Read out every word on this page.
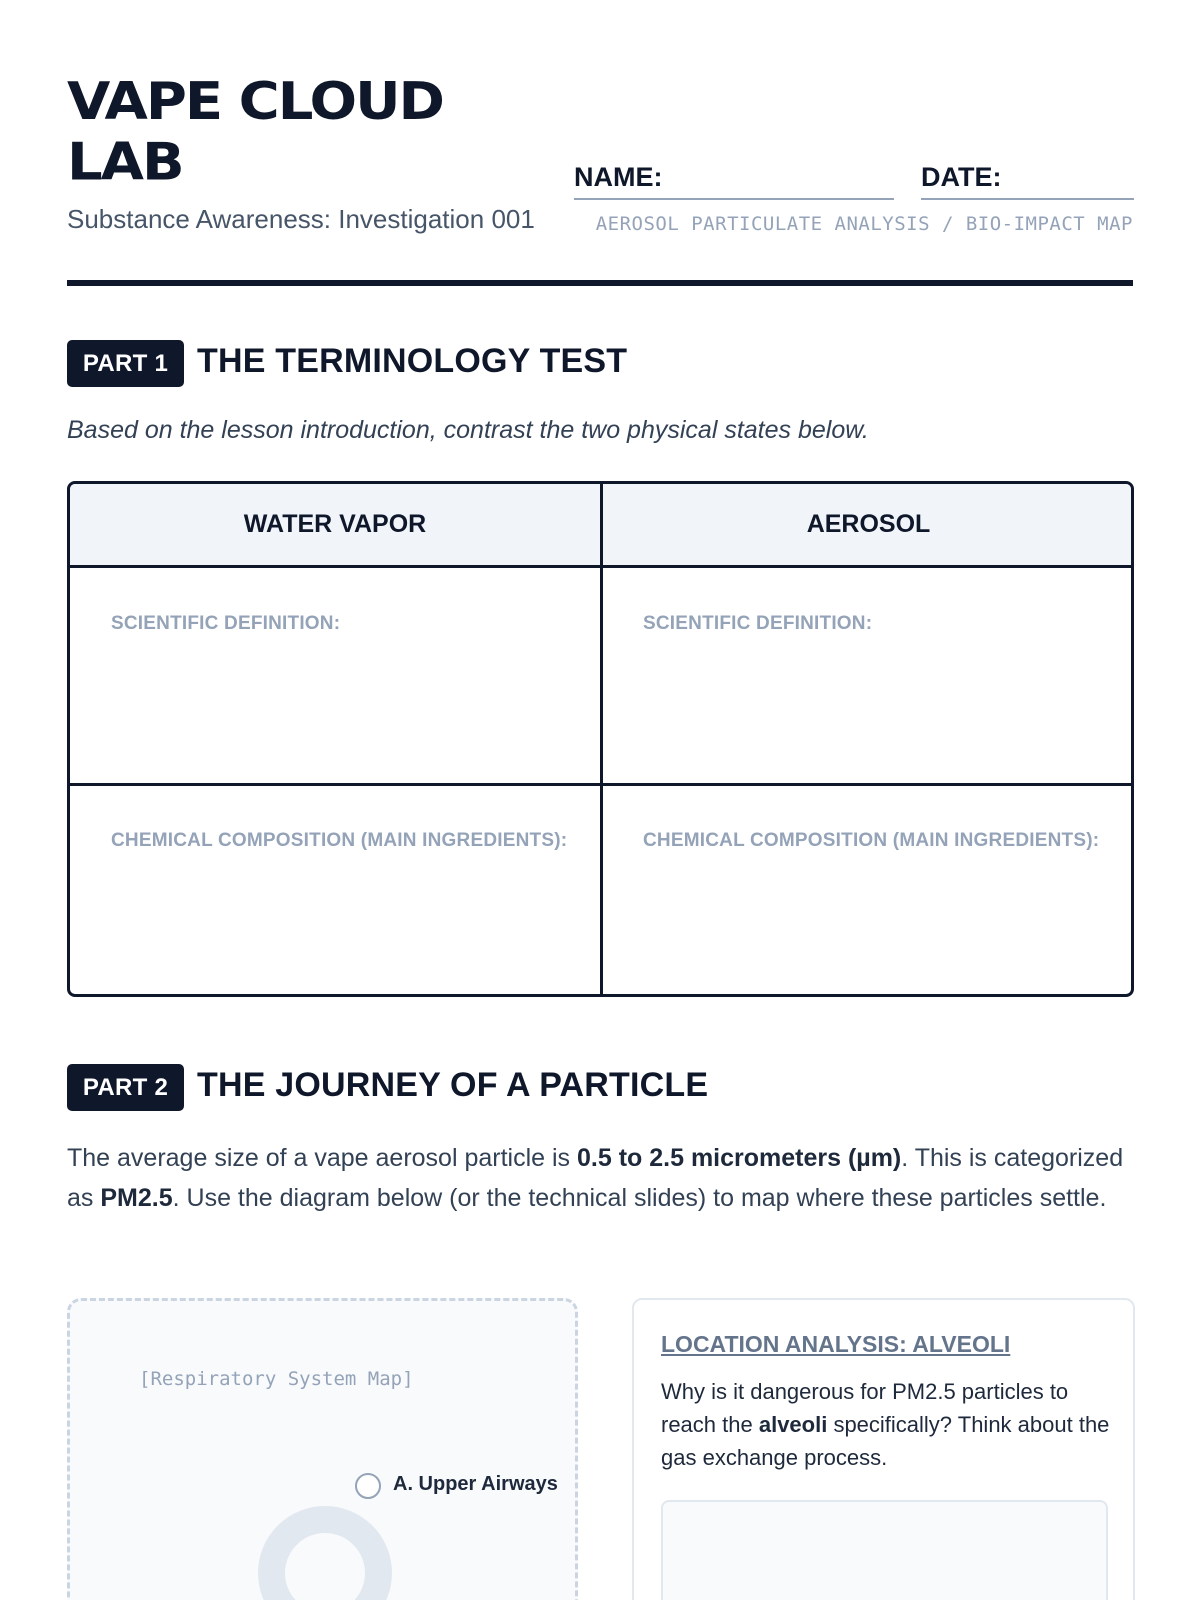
VAPE CLOUD
LAB
Substance Awareness: Investigation 001
NAME:	DATE:
AEROSOL PARTICULATE ANALYSIS / BIO-IMPACT MAP
PART 1 THE TERMINOLOGY TEST
Based on the lesson introduction, contrast the two physical states below.
WATER VAPOR	AEROSOL
SCIENTIFIC DEFINITION:	SCIENTIFIC DEFINITION:
CHEMICAL COMPOSITION (MAIN INGREDIENTS):	CHEMICAL COMPOSITION (MAIN INGREDIENTS):
PART 2 THE JOURNEY OF A PARTICLE
The average size of a vape aerosol particle is 0.5 to 2.5 micrometers (µm). This is categorized as PM2.5. Use the diagram below (or the technical slides) to map where these particles settle.
[Respiratory System Map]
A. Upper Airways
LOCATION ANALYSIS: ALVEOLI
Why is it dangerous for PM2.5 particles to reach the alveoli specifically? Think about the gas exchange process.
